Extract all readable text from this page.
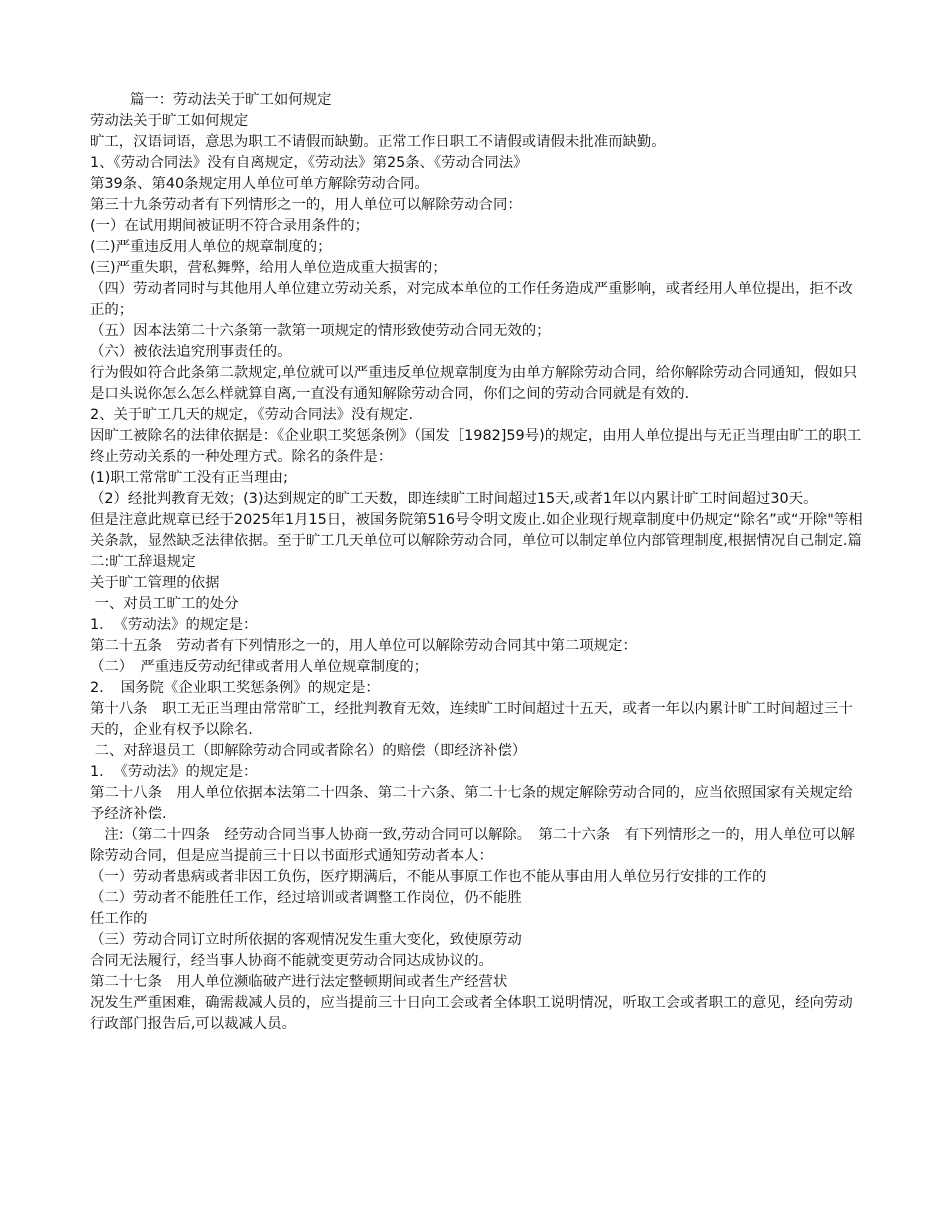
篇一：劳动法关于旷工如何规定

劳动法关于旷工如何规定

旷工，汉语词语，意思为职工不请假而缺勤。正常工作日职工不请假或请假未批准而缺勤。

1、《劳动合同法》没有自离规定，《劳动法》第25条、《劳动合同法》

第39条、第40条规定用人单位可单方解除劳动合同。

第三十九条劳动者有下列情形之一的，用人单位可以解除劳动合同：

(一）在试用期间被证明不符合录用条件的；

(二)严重违反用人单位的规章制度的；

(三)严重失职，营私舞弊，给用人单位造成重大损害的；

（四）劳动者同时与其他用人单位建立劳动关系，对完成本单位的工作任务造成严重影响，或者经用人单位提出，拒不改正的；

（五）因本法第二十六条第一款第一项规定的情形致使劳动合同无效的；

（六）被依法追究刑事责任的。

行为假如符合此条第二款规定,单位就可以严重违反单位规章制度为由单方解除劳动合同，给你解除劳动合同通知，假如只是口头说你怎么怎么样就算自离,一直没有通知解除劳动合同，你们之间的劳动合同就是有效的.

2、关于旷工几天的规定，《劳动合同法》没有规定.

因旷工被除名的法律依据是：《企业职工奖惩条例》（国发［1982]59号)的规定，由用人单位提出与无正当理由旷工的职工终止劳动关系的一种处理方式。除名的条件是：

(1)职工常常旷工没有正当理由;

（2）经批判教育无效；(3)达到规定的旷工天数，即连续旷工时间超过15天,或者1年以内累计旷工时间超过30天。

但是注意此规章已经于2025年1月15日，被国务院第516号令明文废止.如企业现行规章制度中仍规定“除名”或“开除"等相关条款，显然缺乏法律依据。至于旷工几天单位可以解除劳动合同，单位可以制定单位内部管理制度,根据情况自己制定.篇二:旷工辞退规定

关于旷工管理的依据

一、对员工旷工的处分

1．　《劳动法》的规定是：

第二十五条　劳动者有下列情形之一的，用人单位可以解除劳动合同其中第二项规定：

（二）　严重违反劳动纪律或者用人单位规章制度的；

2．　国务院《企业职工奖惩条例》的规定是：

第十八条　职工无正当理由常常旷工，经批判教育无效，连续旷工时间超过十五天，或者一年以内累计旷工时间超过三十天的，企业有权予以除名.

二、对辞退员工（即解除劳动合同或者除名）的赔偿（即经济补偿）

1．　《劳动法》的规定是：

第二十八条　用人单位依据本法第二十四条、第二十六条、第二十七条的规定解除劳动合同的，应当依照国家有关规定给予经济补偿.

　注:（第二十四条　经劳动合同当事人协商一致,劳动合同可以解除。　第二十六条　有下列情形之一的，用人单位可以解除劳动合同，但是应当提前三十日以书面形式通知劳动者本人：

（一）劳动者患病或者非因工负伤，医疗期满后，不能从事原工作也不能从事由用人单位另行安排的工作的

（二）劳动者不能胜任工作，经过培训或者调整工作岗位，仍不能胜

任工作的

（三）劳动合同订立时所依据的客观情况发生重大变化，致使原劳动

合同无法履行，经当事人协商不能就变更劳动合同达成协议的。

第二十七条　用人单位濒临破产进行法定整顿期间或者生产经营状

况发生严重困难，确需裁减人员的，应当提前三十日向工会或者全体职工说明情况，听取工会或者职工的意见，经向劳动行政部门报告后,可以裁减人员。
